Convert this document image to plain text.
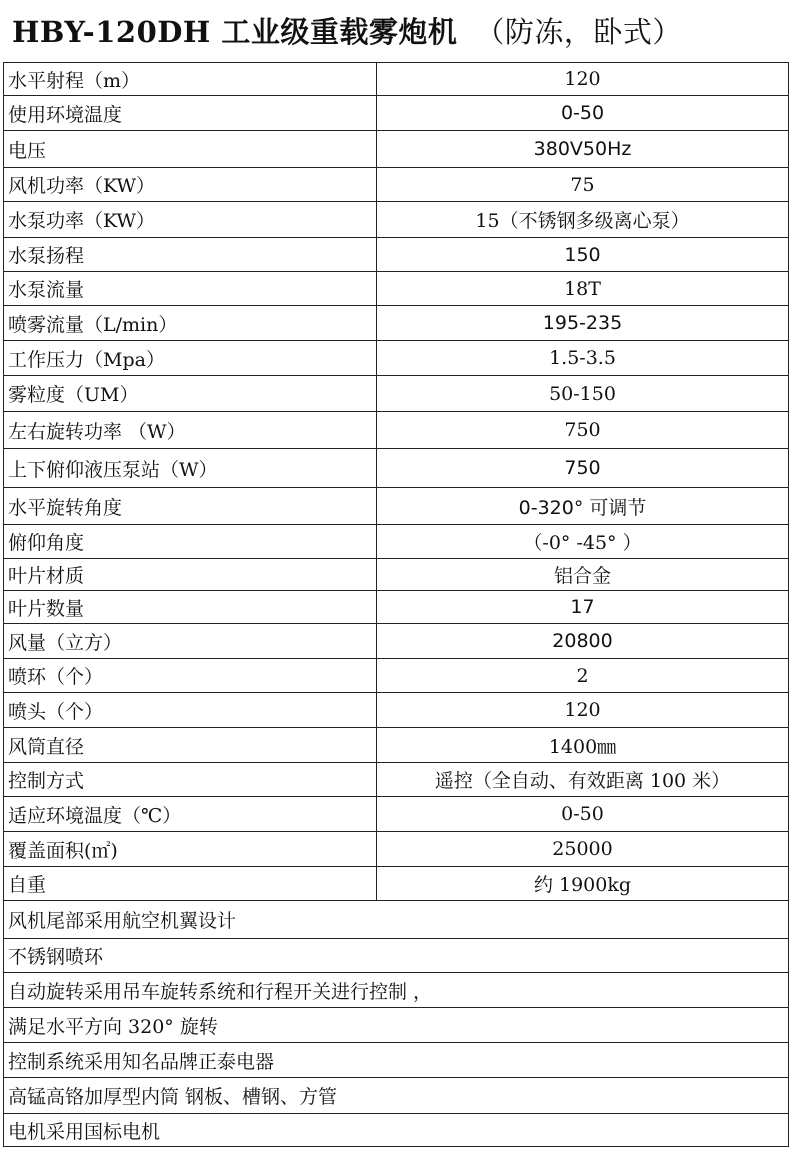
HBY-120DH 工业级重载雾炮机 （防冻，卧式）
水平射程（m）	120
使用环境温度	0-50
电压	380V50Hz
风机功率（KW）	75
水泵功率（KW）	15（不锈钢多级离心泵）
水泵扬程	150
水泵流量	18T
喷雾流量（L/min）	195-235
工作压力（Mpa）	1.5-3.5
雾粒度（UM）	50-150
左右旋转功率 （W）	750
上下俯仰液压泵站（W）	750
水平旋转角度	0-320° 可调节
俯仰角度	（-0° -45° ）
叶片材质	铝合金
叶片数量	17
风量（立方）	20800
喷环（个）	2
喷头（个）	120
风筒直径	1400㎜
控制方式	遥控（全自动、有效距离 100 米）
适应环境温度（℃）	0-50
覆盖面积(㎡)	25000
自重	约 1900kg
风机尾部采用航空机翼设计	
不锈钢喷环	
自动旋转采用吊车旋转系统和行程开关进行控制 ，	
满足水平方向 320° 旋转	
控制系统采用知名品牌正泰电器	
高锰高铬加厚型内筒 钢板、槽钢、方管	
电机采用国标电机	
